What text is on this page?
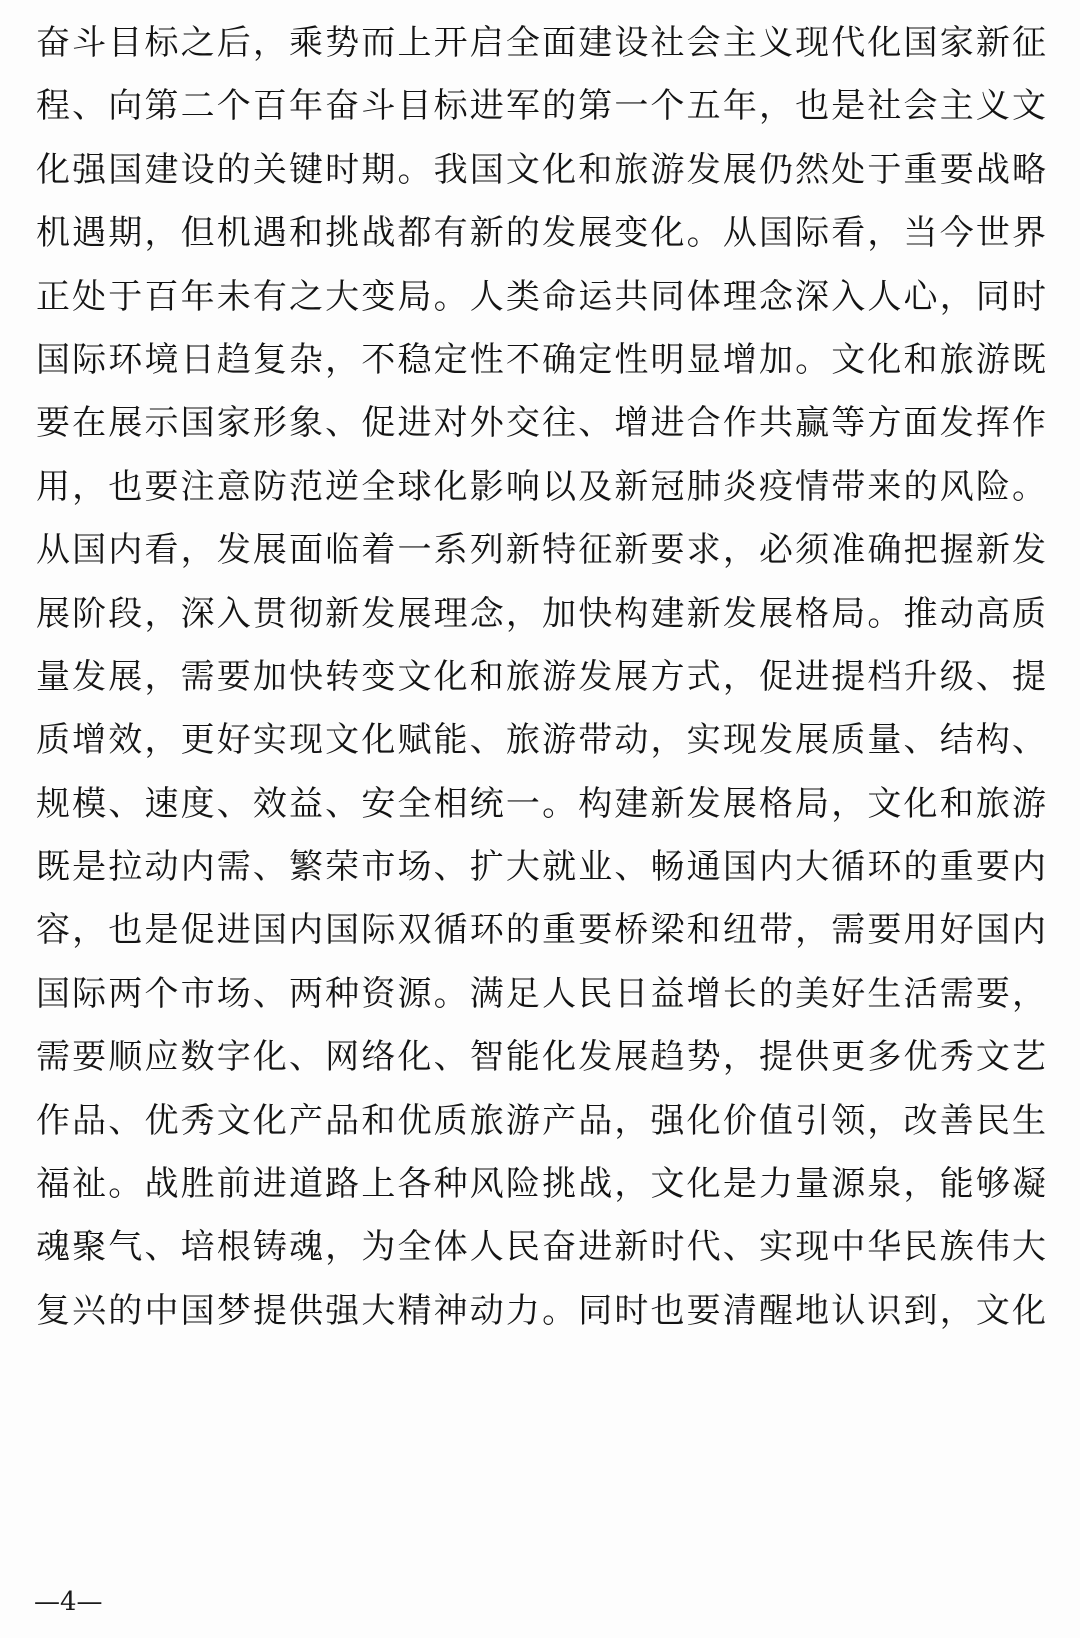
奋斗目标之后，乘势而上开启全面建设社会主义现代化国家新征
程、向第二个百年奋斗目标进军的第一个五年，也是社会主义文
化强国建设的关键时期。我国文化和旅游发展仍然处于重要战略
机遇期，但机遇和挑战都有新的发展变化。从国际看，当今世界
正处于百年未有之大变局。人类命运共同体理念深入人心，同时
国际环境日趋复杂，不稳定性不确定性明显增加。文化和旅游既
要在展示国家形象、促进对外交往、增进合作共赢等方面发挥作
用，也要注意防范逆全球化影响以及新冠肺炎疫情带来的风险。
从国内看，发展面临着一系列新特征新要求，必须准确把握新发
展阶段，深入贯彻新发展理念，加快构建新发展格局。推动高质
量发展，需要加快转变文化和旅游发展方式，促进提档升级、提
质增效，更好实现文化赋能、旅游带动，实现发展质量、结构、
规模、速度、效益、安全相统一。构建新发展格局，文化和旅游
既是拉动内需、繁荣市场、扩大就业、畅通国内大循环的重要内
容，也是促进国内国际双循环的重要桥梁和纽带，需要用好国内
国际两个市场、两种资源。满足人民日益增长的美好生活需要，
需要顺应数字化、网络化、智能化发展趋势，提供更多优秀文艺
作品、优秀文化产品和优质旅游产品，强化价值引领，改善民生
福祉。战胜前进道路上各种风险挑战，文化是力量源泉，能够凝
魂聚气、培根铸魂，为全体人民奋进新时代、实现中华民族伟大
复兴的中国梦提供强大精神动力。同时也要清醒地认识到，文化
—4—
